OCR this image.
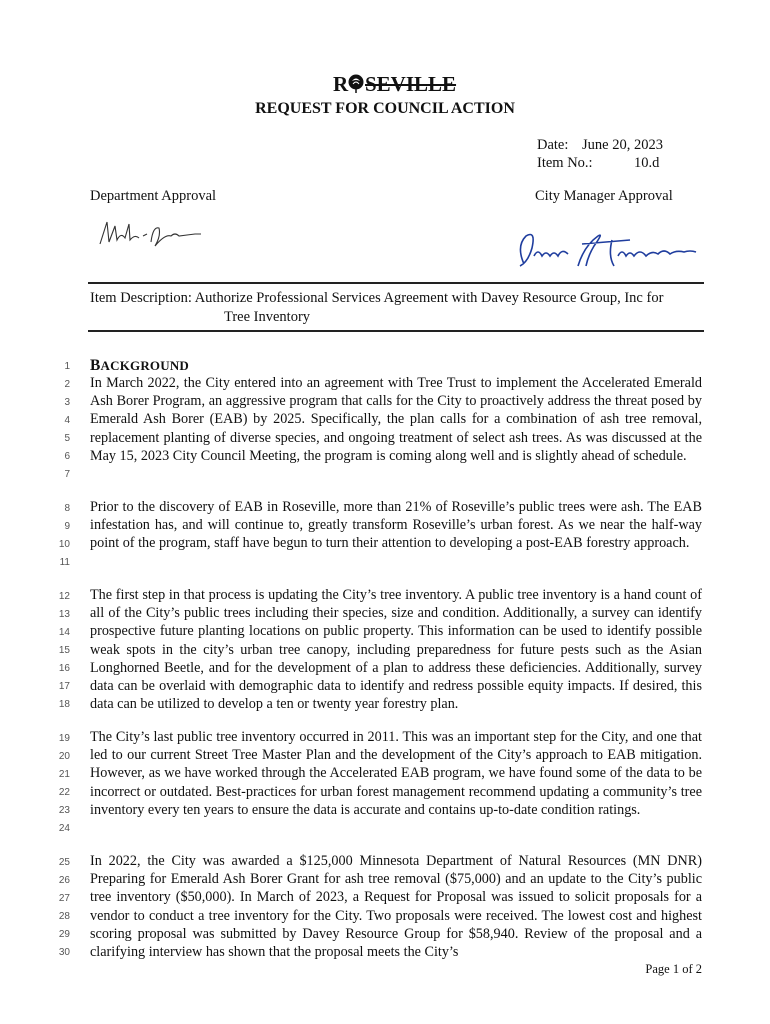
R SEVILLE
REQUEST FOR COUNCIL ACTION
Date: June 20, 2023
Item No.:	10.d
Department Approval	City Manager Approval
Item Description: Authorize Professional Services Agreement with Davey Resource Group, Inc for
Tree Inventory
1
2
3
4
5
6
7
8
9
10
11
12
13
14
15
16
17
18
19
20
21
22
23
24
25
26
27
28
29
30
BACKGROUND
In March 2022, the City entered into an agreement with Tree Trust to implement the Accelerated Emerald Ash Borer Program, an aggressive program that calls for the City to proactively address the threat posed by Emerald Ash Borer (EAB) by 2025. Specifically, the plan calls for a combination of ash tree removal, replacement planting of diverse species, and ongoing treatment of select ash trees. As was discussed at the May 15, 2023 City Council Meeting, the program is coming along well and is slightly ahead of schedule.
Prior to the discovery of EAB in Roseville, more than 21% of Roseville’s public trees were ash. The EAB infestation has, and will continue to, greatly transform Roseville’s urban forest. As we near the half-way point of the program, staff have begun to turn their attention to developing a post-EAB forestry approach.
The first step in that process is updating the City’s tree inventory. A public tree inventory is a hand count of all of the City’s public trees including their species, size and condition. Additionally, a survey can identify prospective future planting locations on public property. This information can be used to identify possible weak spots in the city’s urban tree canopy, including preparedness for future pests such as the Asian Longhorned Beetle, and for the development of a plan to address these deficiencies. Additionally, survey data can be overlaid with demographic data to identify and redress possible equity impacts. If desired, this data can be utilized to develop a ten or twenty year forestry plan.
The City’s last public tree inventory occurred in 2011. This was an important step for the City, and one that led to our current Street Tree Master Plan and the development of the City’s approach to EAB mitigation. However, as we have worked through the Accelerated EAB program, we have found some of the data to be incorrect or outdated. Best-practices for urban forest management recommend updating a community’s tree inventory every ten years to ensure the data is accurate and contains up-to-date condition ratings.
In 2022, the City was awarded a $125,000 Minnesota Department of Natural Resources (MN DNR) Preparing for Emerald Ash Borer Grant for ash tree removal ($75,000) and an update to the City’s public tree inventory ($50,000). In March of 2023, a Request for Proposal was issued to solicit proposals for a vendor to conduct a tree inventory for the City. Two proposals were received. The lowest cost and highest scoring proposal was submitted by Davey Resource Group for $58,940. Review of the proposal and a clarifying interview has shown that the proposal meets the City’s
Page 1 of 2
